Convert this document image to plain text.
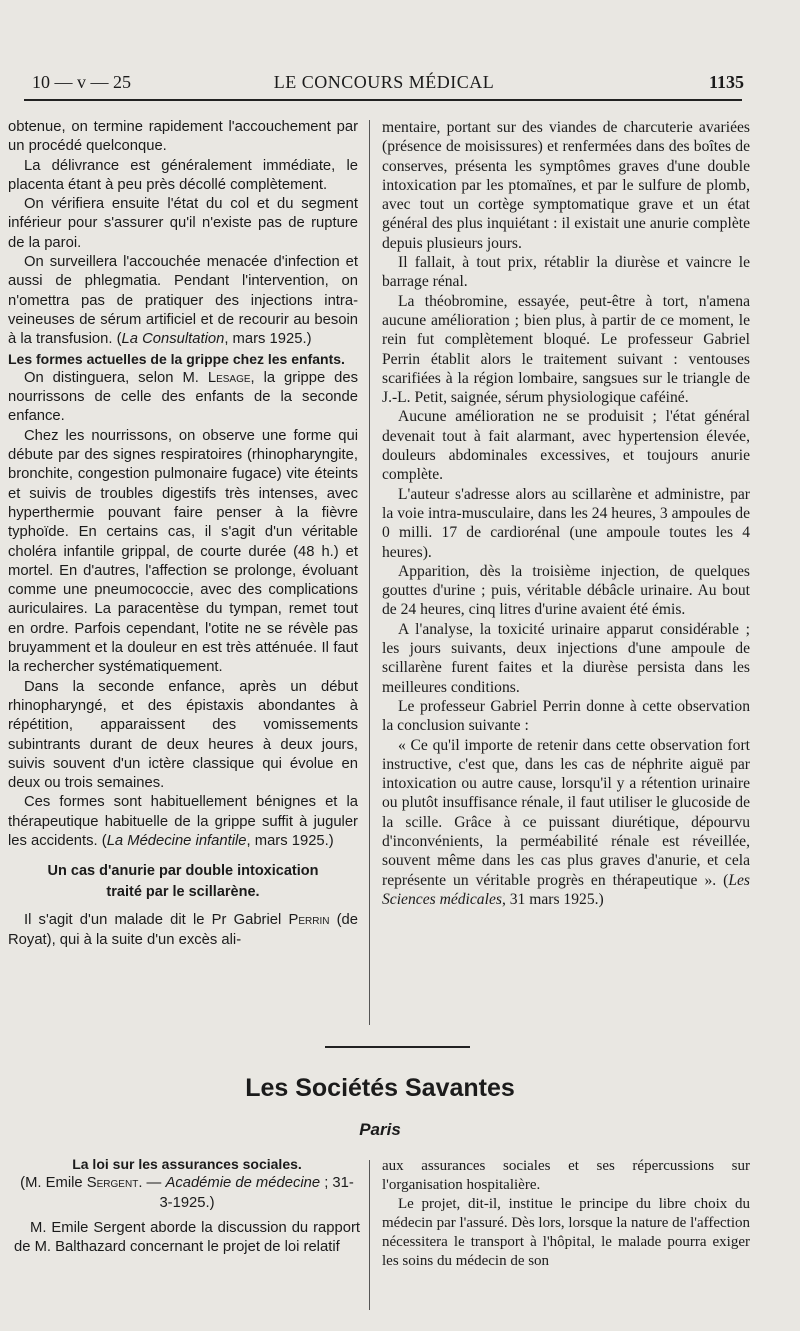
10 — v — 25	LE CONCOURS MÉDICAL	1135

obtenue, on termine rapidement l'accouchement par un procédé quelconque.

La délivrance est généralement immédiate, le placenta étant à peu près décollé complètement.

On vérifiera ensuite l'état du col et du segment inférieur pour s'assurer qu'il n'existe pas de rupture de la paroi.

On surveillera l'accouchée menacée d'infection et aussi de phlegmatia. Pendant l'intervention, on n'omettra pas de pratiquer des injections intra-veineuses de sérum artificiel et de recourir au besoin à la transfusion. (La Consultation, mars 1925.)

Les formes actuelles de la grippe chez les enfants.

On distinguera, selon M. Lesage, la grippe des nourrissons de celle des enfants de la seconde enfance.

Chez les nourrissons, on observe une forme qui débute par des signes respiratoires (rhinopharyngite, bronchite, congestion pulmonaire fugace) vite éteints et suivis de troubles digestifs très intenses, avec hyperthermie pouvant faire penser à la fièvre typhoïde. En certains cas, il s'agit d'un véritable choléra infantile grippal, de courte durée (48 h.) et mortel. En d'autres, l'affection se prolonge, évoluant comme une pneumococcie, avec des complications auriculaires. La paracentèse du tympan, remet tout en ordre. Parfois cependant, l'otite ne se révèle pas bruyamment et la douleur en est très atténuée. Il faut la rechercher systématiquement.

Dans la seconde enfance, après un début rhinopharyngé, et des épistaxis abondantes à répétition, apparaissent des vomissements subintrants durant de deux heures à deux jours, suivis souvent d'un ictère classique qui évolue en deux ou trois semaines.

Ces formes sont habituellement bénignes et la thérapeutique habituelle de la grippe suffit à juguler les accidents. (La Médecine infantile, mars 1925.)

Un cas d'anurie par double intoxication
traité par le scillarène.

Il s'agit d'un malade dit le Pr Gabriel Perrin (de Royat), qui à la suite d'un excès ali-

mentaire, portant sur des viandes de charcuterie avariées (présence de moisissures) et renfermées dans des boîtes de conserves, présenta les symptômes graves d'une double intoxication par les ptomaïnes, et par le sulfure de plomb, avec tout un cortège symptomatique grave et un état général des plus inquiétant : il existait une anurie complète depuis plusieurs jours.

Il fallait, à tout prix, rétablir la diurèse et vaincre le barrage rénal.

La théobromine, essayée, peut-être à tort, n'amena aucune amélioration ; bien plus, à partir de ce moment, le rein fut complètement bloqué. Le professeur Gabriel Perrin établit alors le traitement suivant : ventouses scarifiées à la région lombaire, sangsues sur le triangle de J.-L. Petit, saignée, sérum physiologique caféiné.

Aucune amélioration ne se produisit ; l'état général devenait tout à fait alarmant, avec hypertension élevée, douleurs abdominales excessives, et toujours anurie complète.

L'auteur s'adresse alors au scillarène et administre, par la voie intra-musculaire, dans les 24 heures, 3 ampoules de 0 milli. 17 de cardiorénal (une ampoule toutes les 4 heures).

Apparition, dès la troisième injection, de quelques gouttes d'urine ; puis, véritable débâcle urinaire. Au bout de 24 heures, cinq litres d'urine avaient été émis.

A l'analyse, la toxicité urinaire apparut considérable ; les jours suivants, deux injections d'une ampoule de scillarène furent faites et la diurèse persista dans les meilleures conditions.

Le professeur Gabriel Perrin donne à cette observation la conclusion suivante :

« Ce qu'il importe de retenir dans cette observation fort instructive, c'est que, dans les cas de néphrite aiguë par intoxication ou autre cause, lorsqu'il y a rétention urinaire ou plutôt insuffisance rénale, il faut utiliser le glucoside de la scille. Grâce à ce puissant diurétique, dépourvu d'inconvénients, la perméabilité rénale est réveillée, souvent même dans les cas plus graves d'anurie, et cela représente un véritable progrès en thérapeutique ». (Les Sciences médicales, 31 mars 1925.)

Les Sociétés Savantes
Paris

La loi sur les assurances sociales.

(M. Emile Sergent. — Académie de médecine ; 31-3-1925.)

M. Emile Sergent aborde la discussion du rapport de M. Balthazard concernant le projet de loi relatif

aux assurances sociales et ses répercussions sur l'organisation hospitalière.

Le projet, dit-il, institue le principe du libre choix du médecin par l'assuré. Dès lors, lorsque la nature de l'affection nécessitera le transport à l'hôpital, le malade pourra exiger les soins du médecin de son
